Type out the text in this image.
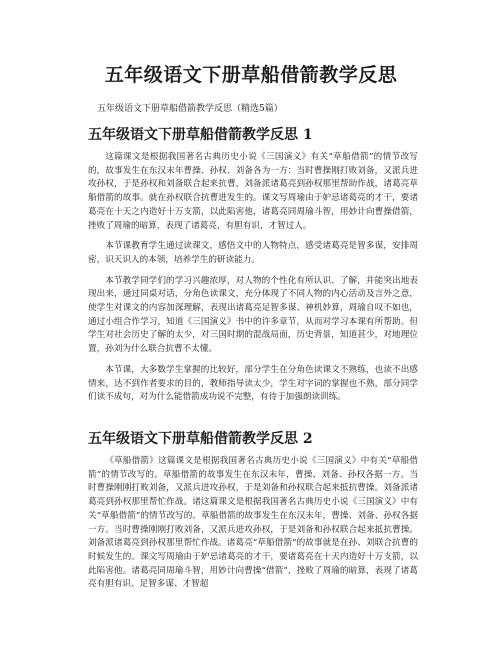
五年级语文下册草船借箭教学反思

五年级语文下册草船借箭教学反思（精选5篇）

五年级语文下册草船借箭教学反思 1

这篇课文是根据我国著名古典历史小说《三国演义》有关“草船借箭”的情节改写的，故事发生在东汉末年曹操、孙权、刘备各为一方：当时曹操刚打败刘备，又派兵进攻孙权，于是孙权和刘备联合起来抗曹，刘备派诸葛亮到孙权那里帮助作战，诸葛亮草船借箭的故事。就在孙权联合抗曹进发生的。课文写周瑜由于妒忌诸葛亮的才干，要诸葛亮在十天之内造好十万支箭，以此陷害他，诸葛亮同周瑜斗智，用妙计向曹操借箭，挫败了周瑜的暗算，表现了诸葛亮，有胆有识，才智过人。

本节课教育学生通过读课文，感悟文中的人物特点，感受诸葛亮是智多谋，安排周密，识天识人的本领，培养学生的研读能力。

本节教学同学们的学习兴趣浓厚，对人物的个性化有所认识、了解，并能突出地表现出来，通过同桌对话，分角色读课文，充分体现了不同人物的内心活动及言外之意，使学生对课文的内容加深理解，表现出诸葛亮足智多谋、神机妙算，周瑜自叹不如也，通过小组合作学习，知道《三国演义》书中的许多章节，从而对学习本课有所帮助。但学生对社会历史了解的太少，对三国时期的混战局面，历史背景，知道甚少，对地理位置，孙刘为什么联合抗曹不太懂。

本节课，大多数学生掌握的比较好，部分学生在分角色读课文不熟练，也读不出感情来，达不到作者要求的目的，教师指导读太少，学生对字词的掌握也不熟，部分同学们读不成句，对为什么能借箭成功说不完整，有待于加强朗读训练。

五年级语文下册草船借箭教学反思 2

《草船借箭》这篇课文是根据我国著名古典历史小说《三国演义》中有关“草船借箭”的情节改写的。草船借箭的故事发生在东汉末年，曹操、刘备、孙权各据一方。当时曹操刚刚打败刘备，又派兵进攻孙权，于是刘备和孙权联合起来抵抗曹操。刘备派诸葛亮到孙权那里帮忙作战。诸这篇课文是根据我国著名古典历史小说《三国演义》中有关“草船借箭”的情节改写的。草船借箭的故事发生在东汉末年，曹操、刘备、孙权各据一方。当时曹操刚刚打败刘备，又派兵进攻孙权，于是刘备和孙权联合起来抵抗曹操。刘备派诸葛亮到孙权那里帮忙作战。诸葛亮“草船借箭”的故事就是在孙、刘联合抗曹的时候发生的。课文写周瑜由于妒忌诸葛亮的才干，要诸葛亮在十天内造好十万支箭，以此陷害他。诸葛亮同周瑜斗智，用妙计向曹操“借箭”，挫败了周瑜的暗算，表现了诸葛亮有胆有识、足智多谋、才智超
